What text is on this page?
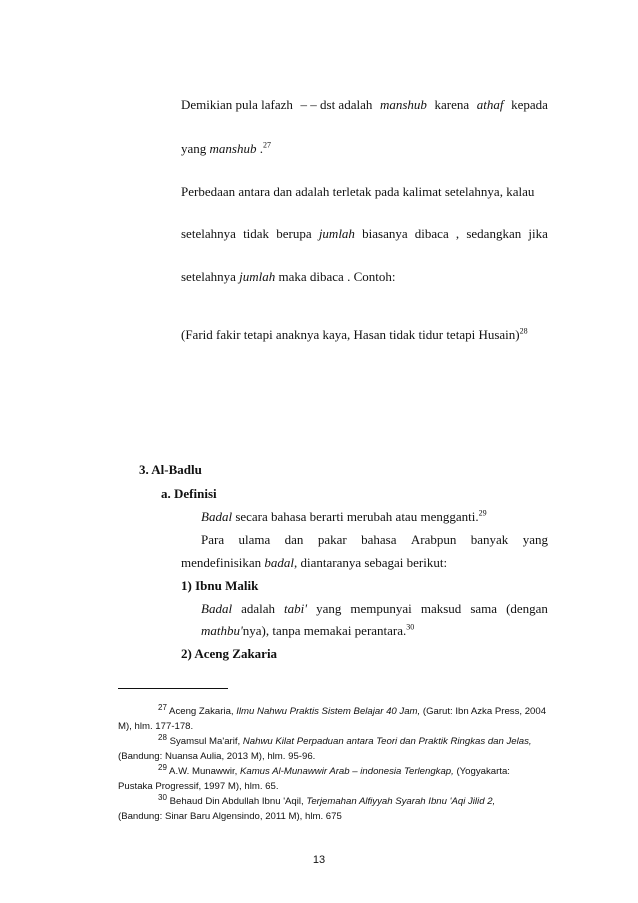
Demikian pula lafazh – – dst adalah manshub karena athaf kepada
yang manshub .$^{27}$
Perbedaan antara dan adalah terletak pada kalimat setelahnya, kalau
setelahnya tidak berupa jumlah biasanya dibaca , sedangkan jika
setelahnya jumlah maka dibaca . Contoh:
(Farid fakir tetapi anaknya kaya, Hasan tidak tidur tetapi Husain)$^{28}$
3. Al-Badlu
a. Definisi
Badal secara bahasa berarti merubah atau mengganti.$^{29}$
Para ulama dan pakar bahasa Arabpun banyak yang
mendefinisikan badal, diantaranya sebagai berikut:
1) Ibnu Malik
Badal adalah tabi' yang mempunyai maksud sama (dengan
mathbu'nya), tanpa memakai perantara.$^{30}$
2) Aceng Zakaria
$^{27}$ Aceng Zakaria, Ilmu Nahwu Praktis Sistem Belajar 40 Jam, (Garut: Ibn Azka Press, 2004
M), hlm. 177-178.
$^{28}$ Syamsul Ma'arif, Nahwu Kilat Perpaduan antara Teori dan Praktik Ringkas dan Jelas,
(Bandung: Nuansa Aulia, 2013 M), hlm. 95-96.
$^{29}$ A.W. Munawwir, Kamus Al-Munawwir Arab – indonesia Terlengkap, (Yogyakarta:
Pustaka Progressif, 1997 M), hlm. 65.
$^{30}$ Behaud Din Abdullah Ibnu 'Aqil, Terjemahan Alfiyyah Syarah Ibnu 'Aqi Jilid 2,
(Bandung: Sinar Baru Algensindo, 2011 M), hlm. 675
13
